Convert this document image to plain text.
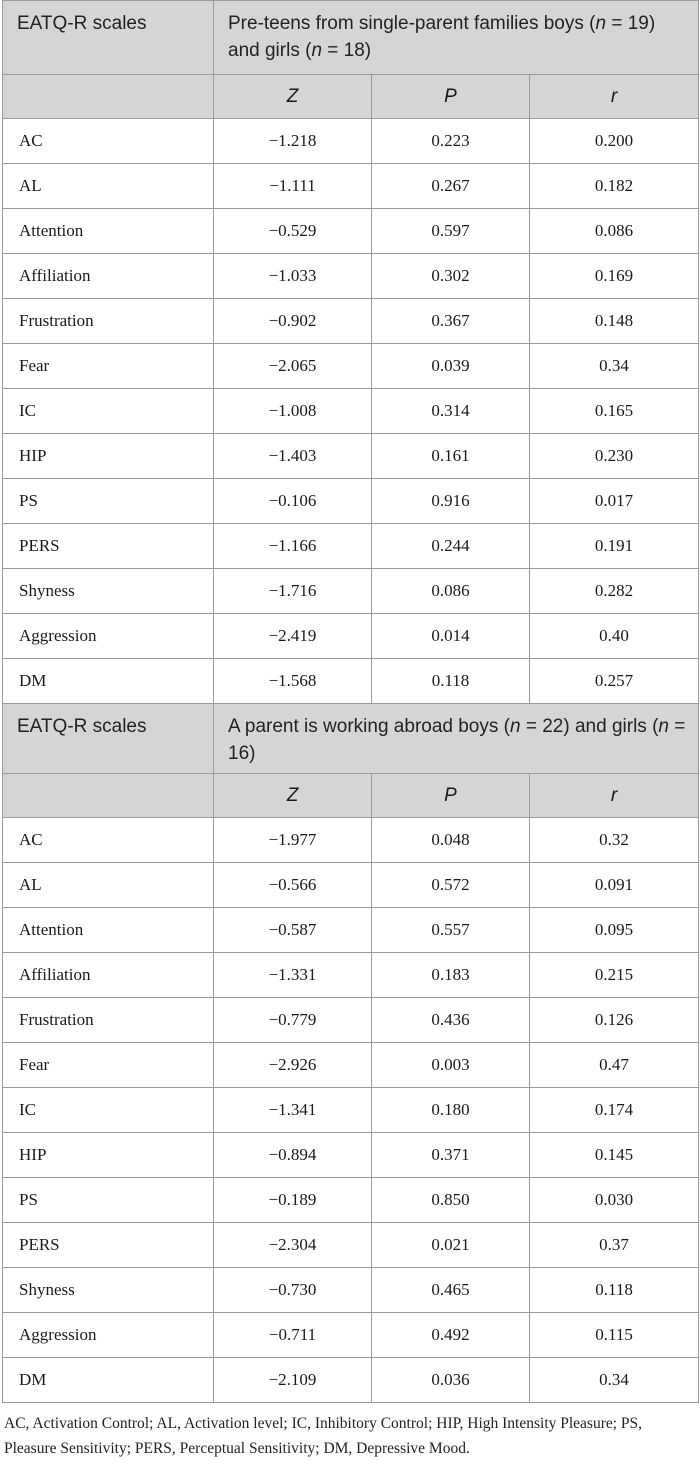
EATQ-R scales	Pre-teens from single-parent families boys (n = 19) and girls (n = 18)		
	Z	P	r
AC	−1.218	0.223	0.200
AL	−1.111	0.267	0.182
Attention	−0.529	0.597	0.086
Affiliation	−1.033	0.302	0.169
Frustration	−0.902	0.367	0.148
Fear	−2.065	0.039	0.34
IC	−1.008	0.314	0.165
HIP	−1.403	0.161	0.230
PS	−0.106	0.916	0.017
PERS	−1.166	0.244	0.191
Shyness	−1.716	0.086	0.282
Aggression	−2.419	0.014	0.40
DM	−1.568	0.118	0.257
EATQ-R scales	A parent is working abroad boys (n = 22) and girls (n = 16)		
	Z	P	r
AC	−1.977	0.048	0.32
AL	−0.566	0.572	0.091
Attention	−0.587	0.557	0.095
Affiliation	−1.331	0.183	0.215
Frustration	−0.779	0.436	0.126
Fear	−2.926	0.003	0.47
IC	−1.341	0.180	0.174
HIP	−0.894	0.371	0.145
PS	−0.189	0.850	0.030
PERS	−2.304	0.021	0.37
Shyness	−0.730	0.465	0.118
Aggression	−0.711	0.492	0.115
DM	−2.109	0.036	0.34
AC, Activation Control; AL, Activation level; IC, Inhibitory Control; HIP, High Intensity Pleasure; PS, Pleasure Sensitivity; PERS, Perceptual Sensitivity; DM, Depressive Mood.
